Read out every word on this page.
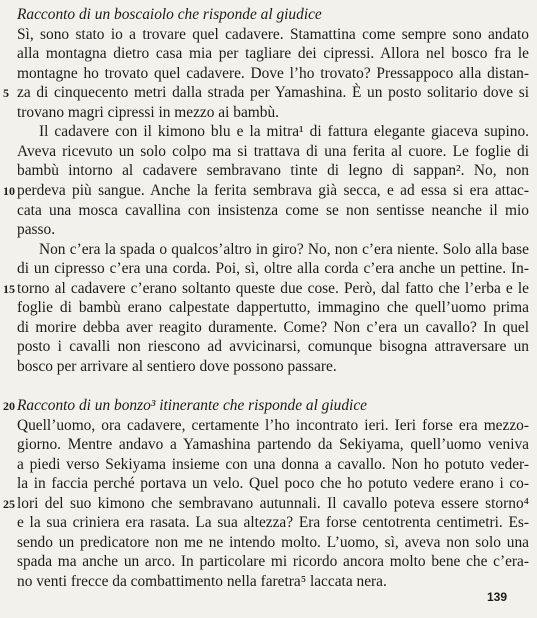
Racconto di un boscaiolo che risponde al giudice
Sì, sono stato io a trovare quel cadavere. Stamattina come sempre sono andato
alla montagna dietro casa mia per tagliare dei cipressi. Allora nel bosco fra le
montagne ho trovato quel cadavere. Dove l’ho trovato? Pressappoco alla distan-
za di cinquecento metri dalla strada per Yamashina. È un posto solitario dove si
5
trovano magri cipressi in mezzo ai bambù.
Il cadavere con il kimono blu e la mitra¹ di fattura elegante giaceva supino.
Aveva ricevuto un solo colpo ma si trattava di una ferita al cuore. Le foglie di
bambù intorno al cadavere sembravano tinte di legno di sappan². No, non
perdeva più sangue. Anche la ferita sembrava già secca, e ad essa si era attac-
10
cata una mosca cavallina con insistenza come se non sentisse neanche il mio
passo.
Non c’era la spada o qualcos’altro in giro? No, non c’era niente. Solo alla base
di un cipresso c’era una corda. Poi, sì, oltre alla corda c’era anche un pettine. In-
torno al cadavere c’erano soltanto queste due cose. Però, dal fatto che l’erba e le
15
foglie di bambù erano calpestate dappertutto, immagino che quell’uomo prima
di morire debba aver reagito duramente. Come? Non c’era un cavallo? In quel
posto i cavalli non riescono ad avvicinarsi, comunque bisogna attraversare un
bosco per arrivare al sentiero dove possono passare.
Racconto di un bonzo³ itinerante che risponde al giudice
20
Quell’uomo, ora cadavere, certamente l’ho incontrato ieri. Ieri forse era mezzo-
giorno. Mentre andavo a Yamashina partendo da Sekiyama, quell’uomo veniva
a piedi verso Sekiyama insieme con una donna a cavallo. Non ho potuto veder-
la in faccia perché portava un velo. Quel poco che ho potuto vedere erano i co-
lori del suo kimono che sembravano autunnali. Il cavallo poteva essere storno⁴
25
e la sua criniera era rasata. La sua altezza? Era forse centotrenta centimetri. Es-
sendo un predicatore non me ne intendo molto. L’uomo, sì, aveva non solo una
spada ma anche un arco. In particolare mi ricordo ancora molto bene che c’era-
no venti frecce da combattimento nella faretra⁵ laccata nera.
139
